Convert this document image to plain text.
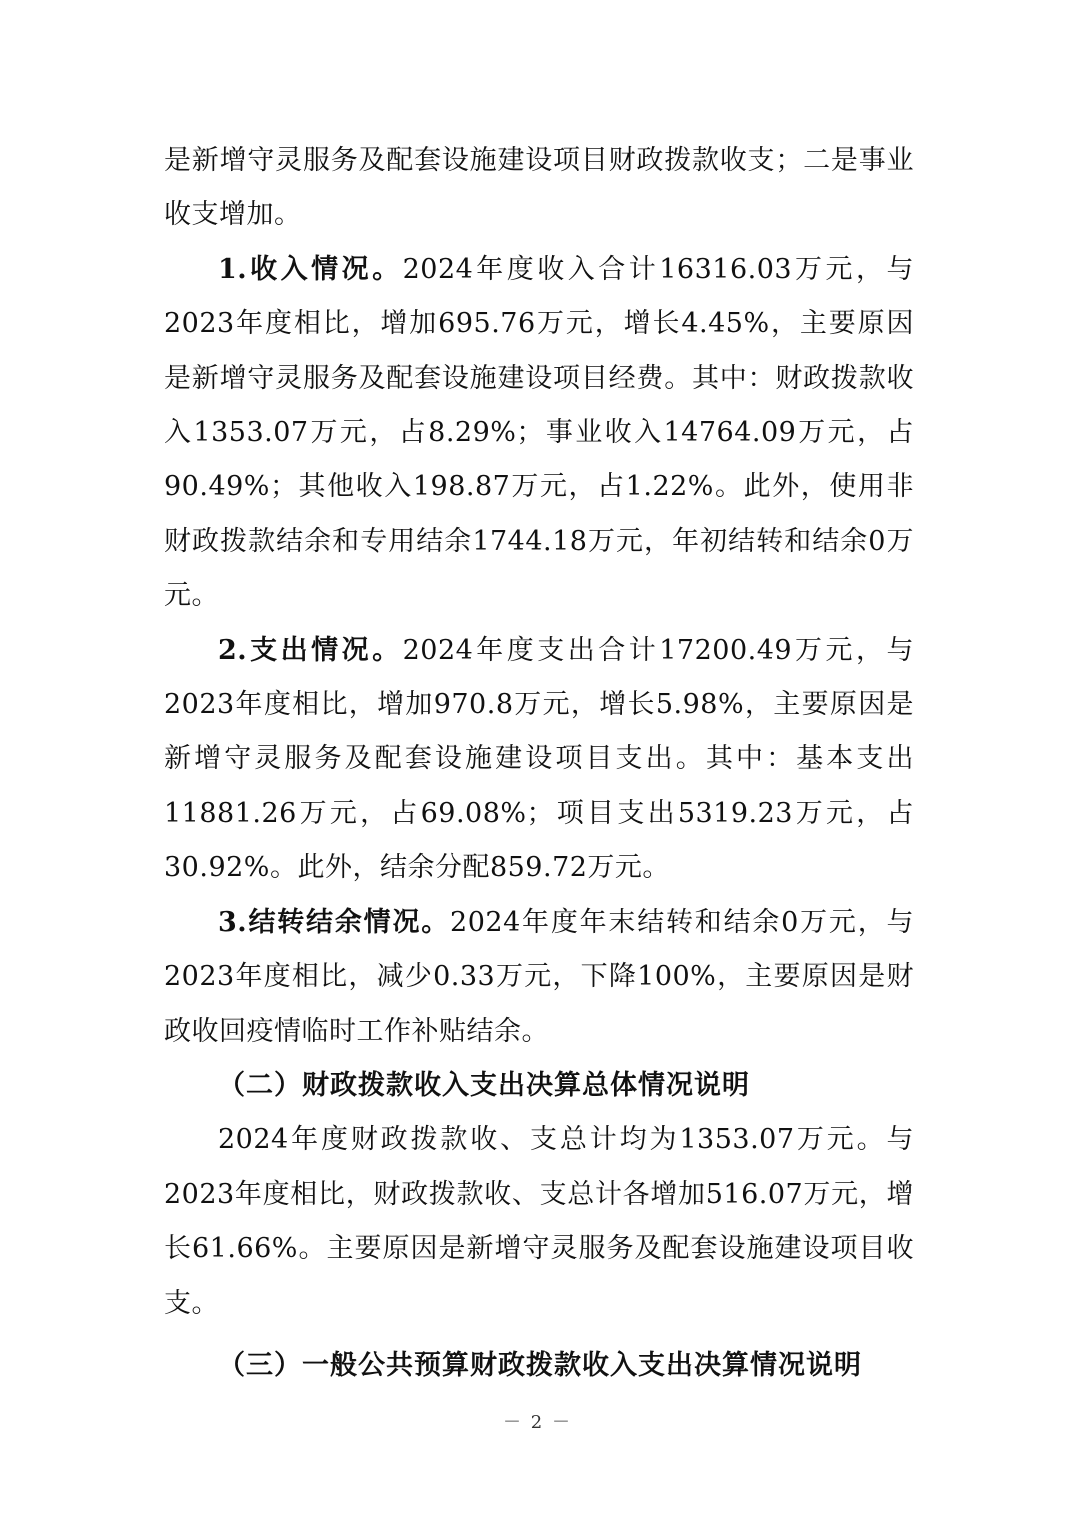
是新增守灵服务及配套设施建设项目财政拨款收支；二是事业收支增加。

1.收入情况。2024年度收入合计16316.03万元，与2023年度相比，增加695.76万元，增长4.45%，主要原因是新增守灵服务及配套设施建设项目经费。其中：财政拨款收入1353.07万元，占8.29%；事业收入14764.09万元，占90.49%；其他收入198.87万元，占1.22%。此外，使用非财政拨款结余和专用结余1744.18万元，年初结转和结余0万元。

2.支出情况。2024年度支出合计17200.49万元，与2023年度相比，增加970.8万元，增长5.98%，主要原因是新增守灵服务及配套设施建设项目支出。其中：基本支出11881.26万元，占69.08%；项目支出5319.23万元，占30.92%。此外，结余分配859.72万元。

3.结转结余情况。2024年度年末结转和结余0万元，与2023年度相比，减少0.33万元，下降100%，主要原因是财政收回疫情临时工作补贴结余。

（二）财政拨款收入支出决算总体情况说明

2024年度财政拨款收、支总计均为1353.07万元。与2023年度相比，财政拨款收、支总计各增加516.07万元，增长61.66%。主要原因是新增守灵服务及配套设施建设项目收支。

（三）一般公共预算财政拨款收入支出决算情况说明

－ 2 －
